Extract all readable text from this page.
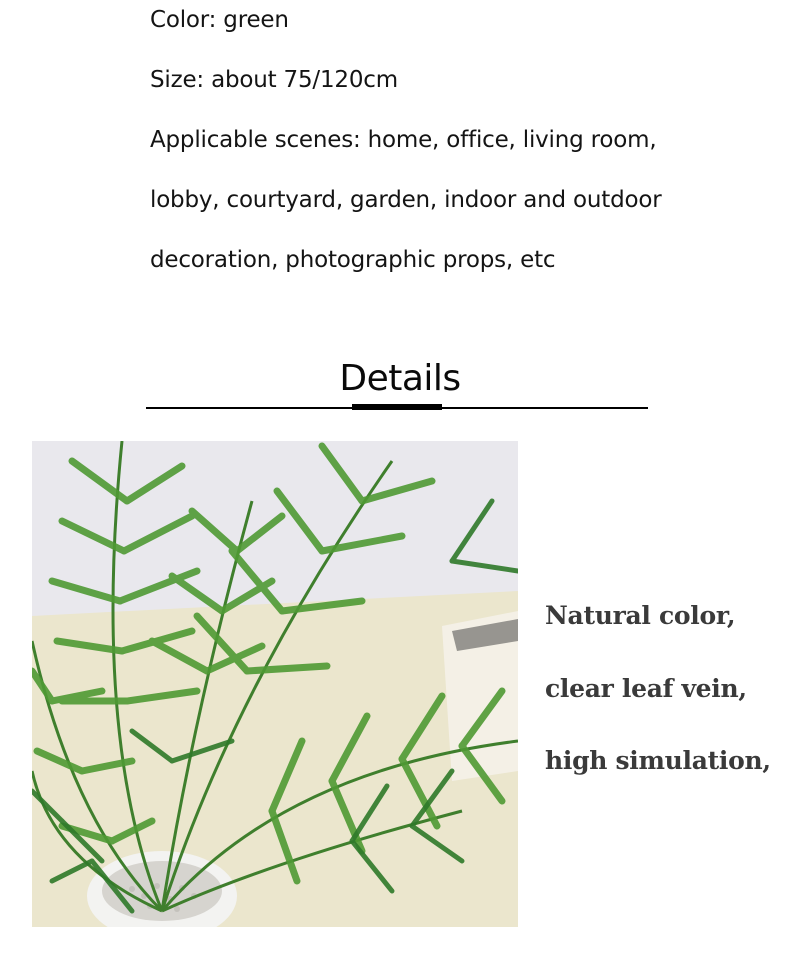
Color: green
Size: about 75/120cm
Applicable scenes: home, office, living room,
lobby, courtyard, garden, indoor and outdoor
decoration, photographic props, etc
Details
Natural color,
clear leaf vein,
high simulation,
